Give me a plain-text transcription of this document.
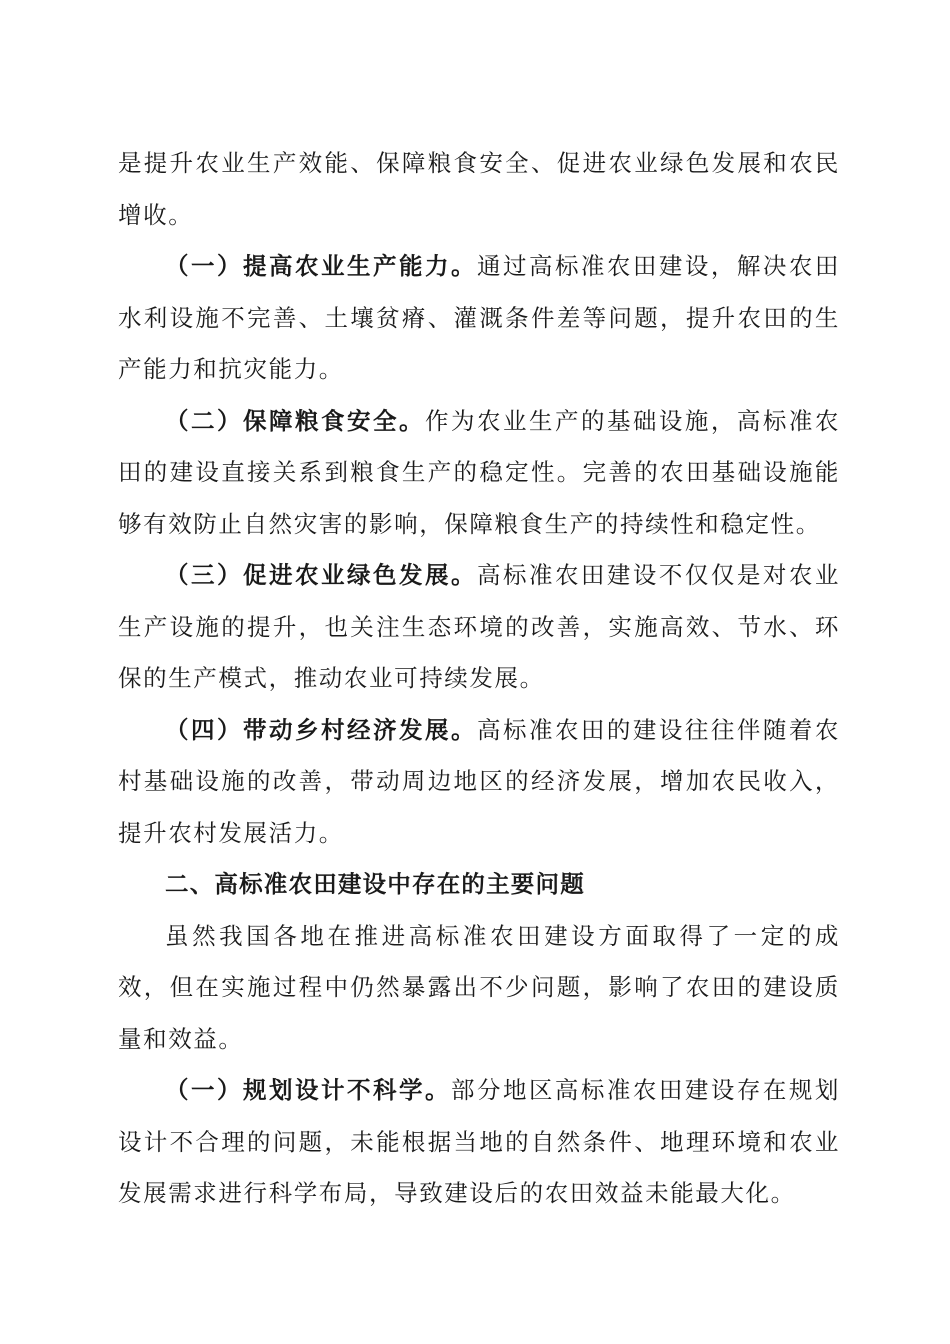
是提升农业生产效能、保障粮食安全、促进农业绿色发展和农民增收。

（一）提高农业生产能力。通过高标准农田建设，解决农田水利设施不完善、土壤贫瘠、灌溉条件差等问题，提升农田的生产能力和抗灾能力。

（二）保障粮食安全。作为农业生产的基础设施，高标准农田的建设直接关系到粮食生产的稳定性。完善的农田基础设施能够有效防止自然灾害的影响，保障粮食生产的持续性和稳定性。

（三）促进农业绿色发展。高标准农田建设不仅仅是对农业生产设施的提升，也关注生态环境的改善，实施高效、节水、环保的生产模式，推动农业可持续发展。

（四）带动乡村经济发展。高标准农田的建设往往伴随着农村基础设施的改善，带动周边地区的经济发展，增加农民收入，提升农村发展活力。

二、高标准农田建设中存在的主要问题

虽然我国各地在推进高标准农田建设方面取得了一定的成效，但在实施过程中仍然暴露出不少问题，影响了农田的建设质量和效益。

（一）规划设计不科学。部分地区高标准农田建设存在规划设计不合理的问题，未能根据当地的自然条件、地理环境和农业发展需求进行科学布局，导致建设后的农田效益未能最大化。
